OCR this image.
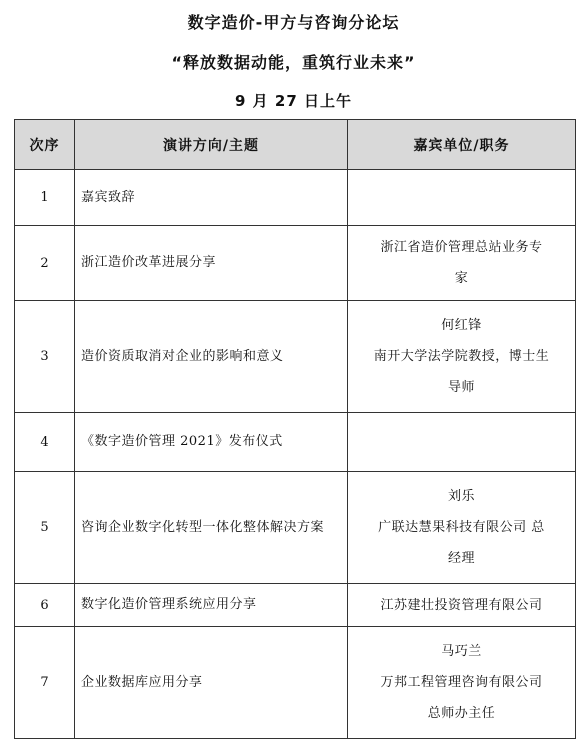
数字造价-甲方与咨询分论坛
“释放数据动能，重筑行业未来”
9 月 27 日上午
次序	演讲方向/主题	嘉宾单位/职务
1	嘉宾致辞	
2	浙江造价改革进展分享	浙江省造价管理总站业务专
家

3	造价资质取消对企业的影响和意义	何红锋
南开大学法学院教授，博士生
导师

4	《数字造价管理 2021》发布仪式	
5	咨询企业数字化转型一体化整体解决方案	刘乐
广联达慧果科技有限公司 总
经理

6	数字化造价管理系统应用分享	江苏建壮投资管理有限公司

7	企业数据库应用分享	马巧兰
万邦工程管理咨询有限公司
总师办主任
